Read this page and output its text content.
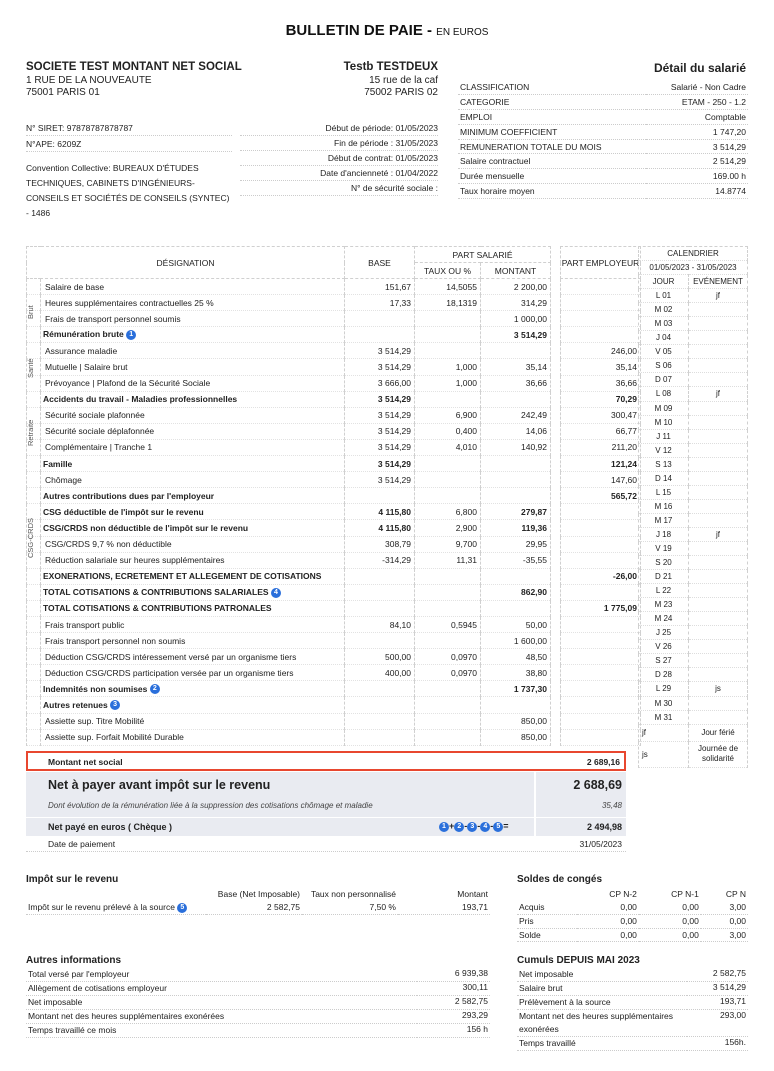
BULLETIN DE PAIE - EN EUROS
SOCIETE TEST MONTANT NET SOCIAL
1 RUE DE LA NOUVEAUTE
75001 PARIS 01
N° SIRET: 97878787878787
N°APE: 6209Z
Convention Collective: BUREAUX D'ÉTUDES TECHNIQUES, CABINETS D'INGÉNIEURS-CONSEILS ET SOCIÉTÉS DE CONSEILS (SYNTEC) - 1486
Testb TESTDEUX
15 rue de la caf
75002 PARIS 02
Début de période: 01/05/2023
Fin de période : 31/05/2023
Début de contrat: 01/05/2023
Date d'ancienneté : 01/04/2022
N° de sécurité sociale :
Détail du salarié
CLASSIFICATION	Salarié - Non Cadre
CATEGORIE	ETAM - 250 - 1.2
EMPLOI	Comptable
MINIMUM COEFFICIENT	1 747,20
REMUNERATION TOTALE DU MOIS	3 514,29
Salaire contractuel	2 514,29
Durée mensuelle	169.00 h
Taux horaire moyen	14.8774
DÉSIGNATION		BASE	PART SALARIÉ			PART EMPLOYEUR
			TAUX OU %	MONTANT		
	Salaire de base	151,67	14,5055	2 200,00		
	Heures supplémentaires contractuelles 25 %	17,33	18,1319	314,29		
	Frais de transport personnel soumis			1 000,00		
	Rémunération brute 1			3 514,29		
	Assurance maladie	3 514,29				246,00
	Mutuelle | Salaire brut	3 514,29	1,000	35,14		35,14
	Prévoyance | Plafond de la Sécurité Sociale	3 666,00	1,000	36,66		36,66
	Accidents du travail - Maladies professionnelles	3 514,29				70,29
	Sécurité sociale plafonnée	3 514,29	6,900	242,49		300,47
	Sécurité sociale déplafonnée	3 514,29	0,400	14,06		66,77
	Complémentaire | Tranche 1	3 514,29	4,010	140,92		211,20
	Famille	3 514,29				121,24
	Chômage	3 514,29				147,60
	Autres contributions dues par l'employeur					565,72
	CSG déductible de l'impôt sur le revenu	4 115,80	6,800	279,87		
	CSG/CRDS non déductible de l'impôt sur le revenu	4 115,80	2,900	119,36		
	CSG/CRDS 9,7 % non déductible	308,79	9,700	29,95		
	Réduction salariale sur heures supplémentaires	-314,29	11,31	-35,55		
	EXONERATIONS, ECRETEMENT ET ALLEGEMENT DE COTISATIONS					-26,00
	TOTAL COTISATIONS & CONTRIBUTIONS SALARIALES 4			862,90		
	TOTAL COTISATIONS & CONTRIBUTIONS PATRONALES					1 775,09
	Frais transport public	84,10	0,5945	50,00		
	Frais transport personnel non soumis			1 600,00		
	Déduction CSG/CRDS intéressement versé par un organisme tiers	500,00	0,0970	48,50		
	Déduction CSG/CRDS participation versée par un organisme tiers	400,00	0,0970	38,80		
	Indemnités non soumises 2			1 737,30		
	Autres retenues 3					
	Assiette sup. Titre Mobilité			850,00		
	Assiette sup. Forfait Mobilité Durable			850,00		
Brut
Santé
Retraite
CSG-CRDS
Montant net social	2 689,16
Net à payer avant impôt sur le revenu	2 688,69
Dont évolution de la rémunération liée à la suppression des cotisations chômage et maladie	35,48
Net payé en euros ( Chèque )	1 + 2 - 3 - 4 - 5 =	2 494,98
Date de paiement	31/05/2023
CALENDRIER	
01/05/2023 - 31/05/2023	
JOUR	EVÉNEMENT
L 01	jf
M 02	
M 03	
J 04	
V 05	
S 06	
D 07	
L 08	jf
M 09	
M 10	
J 11	
V 12	
S 13	
D 14	
L 15	
M 16	
M 17	
J 18	jf
V 19	
S 20	
D 21	
L 22	
M 23	
M 24	
J 25	
V 26	
S 27	
D 28	
L 29	js
M 30	
M 31	
jf	Jour férié
js	Journée de solidarité
Impôt sur le revenu
	Base (Net Imposable)	Taux non personnalisé	Montant
Impôt sur le revenu prélevé à la source 5	2 582,75	7,50 %	193,71
Soldes de congés
	CP N-2	CP N-1	CP N
Acquis	0,00	0,00	3,00
Pris	0,00	0,00	0,00
Solde	0,00	0,00	3,00
Autres informations
Total versé par l'employeur	6 939,38
Allègement de cotisations employeur	300,11
Net imposable	2 582,75
Montant net des heures supplémentaires exonérées	293,29
Temps travaillé ce mois	156 h
Cumuls DEPUIS MAI 2023
Net imposable	2 582,75
Salaire brut	3 514,29
Prélèvement à la source	193,71
Montant net des heures supplémentaires exonérées	293,00
Temps travaillé	156h.
